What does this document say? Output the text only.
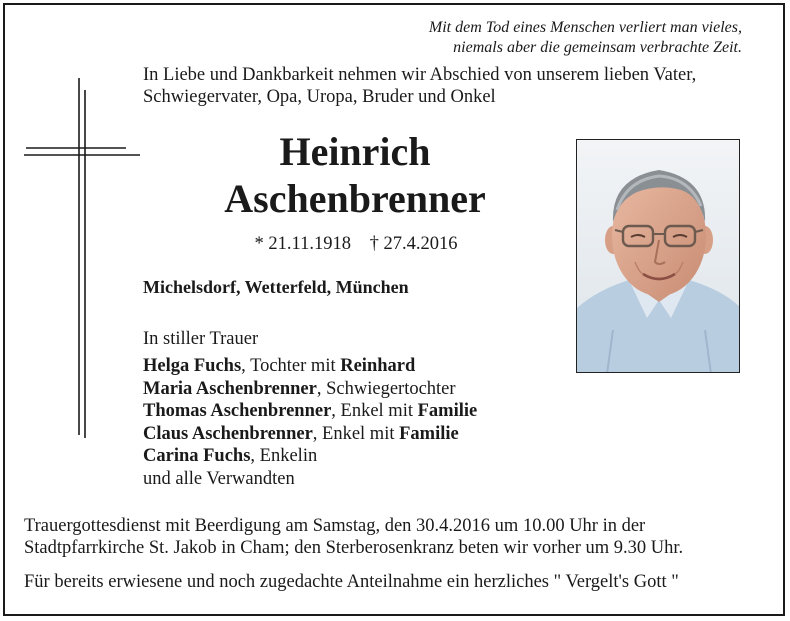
Mit dem Tod eines Menschen verliert man vieles,
niemals aber die gemeinsam verbrachte Zeit.
In Liebe und Dankbarkeit nehmen wir Abschied von unserem lieben Vater,
Schwiegervater, Opa, Uropa, Bruder und Onkel
Heinrich
Aschenbrenner
* 21.11.1918 † 27.4.2016
Michelsdorf, Wetterfeld, München
In stiller Trauer
Helga Fuchs, Tochter mit Reinhard
Maria Aschenbrenner, Schwiegertochter
Thomas Aschenbrenner, Enkel mit Familie
Claus Aschenbrenner, Enkel mit Familie
Carina Fuchs, Enkelin
und alle Verwandten
Trauergottesdienst mit Beerdigung am Samstag, den 30.4.2016 um 10.00 Uhr in der
Stadtpfarrkirche St. Jakob in Cham; den Sterberosenkranz beten wir vorher um 9.30 Uhr.
Für bereits erwiesene und noch zugedachte Anteilnahme ein herzliches " Vergelt's Gott "
